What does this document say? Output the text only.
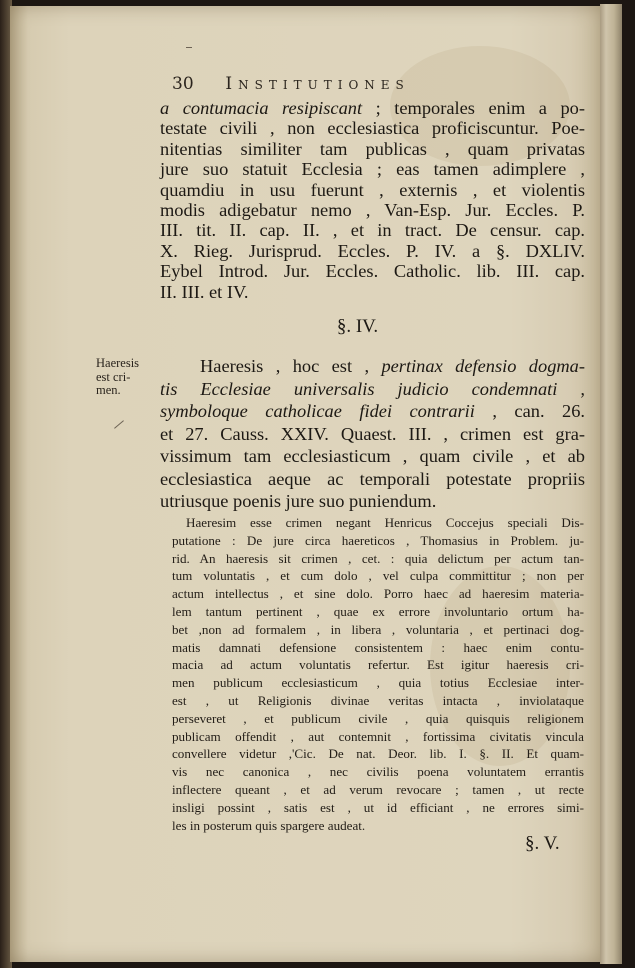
30 Institutiones
a contumacia resipiscant ; temporales enim a po-
testate civili , non ecclesiastica proficiscuntur. Poe-
nitentias similiter tam publicas , quam privatas
jure suo statuit Ecclesia ; eas tamen adimplere ,
quamdiu in usu fuerunt , externis , et violentis
modis adigebatur nemo , Van-Esp. Jur. Eccles. P.
III. tit. II. cap. II. , et in tract. De censur. cap.
X. Rieg. Jurisprud. Eccles. P. IV. a §. DXLIV.
Eybel Introd. Jur. Eccles. Catholic. lib. III. cap.
II. III. et IV.
§. IV.
Haeresis
est cri-
men.
Haeresis , hoc est , pertinax defensio dogma-
tis Ecclesiae universalis judicio condemnati ,
symboloque catholicae fidei contrarii , can. 26.
et 27. Causs. XXIV. Quaest. III. , crimen est gra-
vissimum tam ecclesiasticum , quam civile , et ab
ecclesiastica aeque ac temporali potestate propriis
utriusque poenis jure suo puniendum.
Haeresim esse crimen negant Henricus Coccejus speciali Dis-
putatione : De jure circa haereticos , Thomasius in Problem. ju-
rid. An haeresis sit crimen , cet. : quia delictum per actum tan-
tum voluntatis , et cum dolo , vel culpa committitur ; non per
actum intellectus , et sine dolo. Porro haec ad haeresim materia-
lem tantum pertinent , quae ex errore involuntario ortum ha-
bet ,non ad formalem , in libera , voluntaria , et pertinaci dog-
matis damnati defensione consistentem : haec enim contu-
macia ad actum voluntatis refertur. Est igitur haeresis cri-
men publicum ecclesiasticum , quia totius Ecclesiae inter-
est , ut Religionis divinae veritas intacta , inviolataque
perseveret , et publicum civile , quia quisquis religionem
publicam offendit , aut contemnit , fortissima civitatis vincula
convellere videtur ,'Cic. De nat. Deor. lib. I. §. II. Et quam-
vis nec canonica , nec civilis poena voluntatem errantis
inflectere queant , et ad verum revocare ; tamen , ut recte
insligi possint , satis est , ut id efficiant , ne errores simi-
les in posterum quis spargere audeat.
§. V.
